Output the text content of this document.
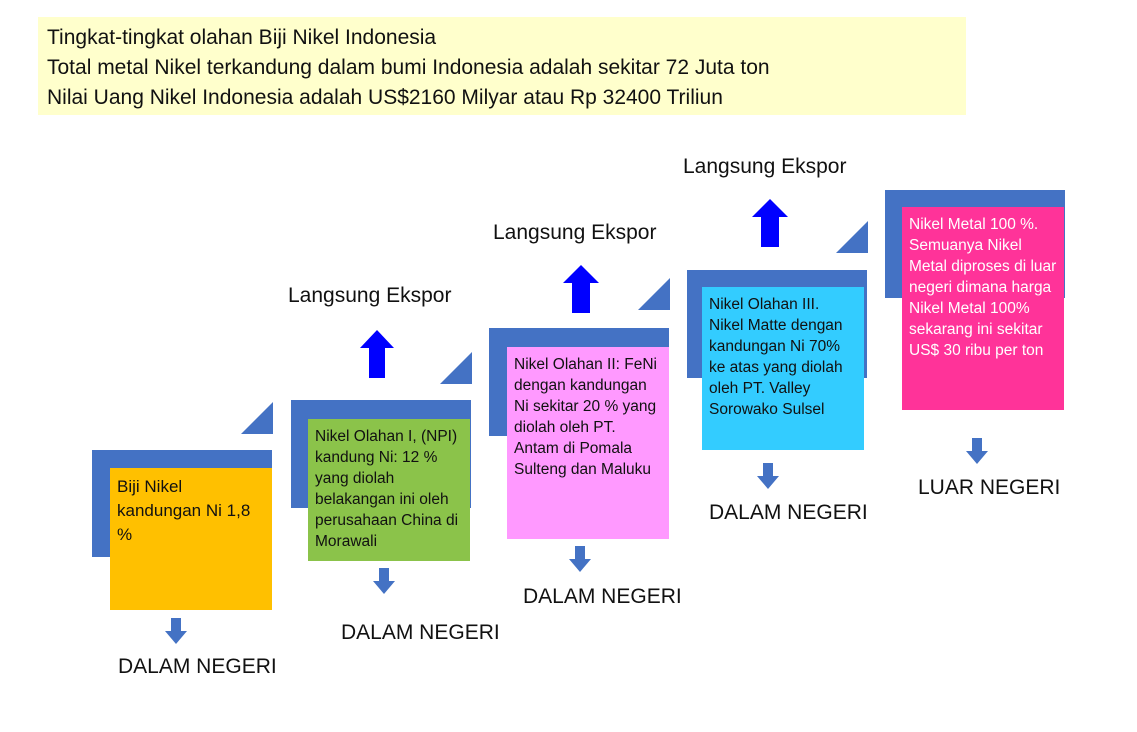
Tingkat-tingkat olahan Biji Nikel Indonesia
Total metal Nikel terkandung dalam bumi Indonesia adalah sekitar 72 Juta ton
Nilai Uang Nikel Indonesia adalah US$2160 Milyar atau Rp 32400 Triliun
Biji Nikel kandungan Ni 1,8 %
DALAM NEGERI
Nikel Olahan I, (NPI) kandung Ni: 12 % yang diolah belakangan ini oleh perusahaan China di Morawali
Langsung Ekspor
DALAM NEGERI
Nikel Olahan II: FeNi dengan kandungan Ni sekitar 20 % yang diolah oleh PT. Antam di Pomala Sulteng dan Maluku
Langsung Ekspor
DALAM NEGERI
Nikel Olahan III. Nikel Matte dengan kandungan Ni 70% ke atas yang diolah oleh PT. Valley Sorowako Sulsel
Langsung Ekspor
DALAM NEGERI
Nikel Metal 100 %. Semuanya Nikel Metal diproses di luar negeri dimana harga Nikel Metal 100% sekarang ini sekitar US$ 30 ribu per ton
LUAR NEGERI
